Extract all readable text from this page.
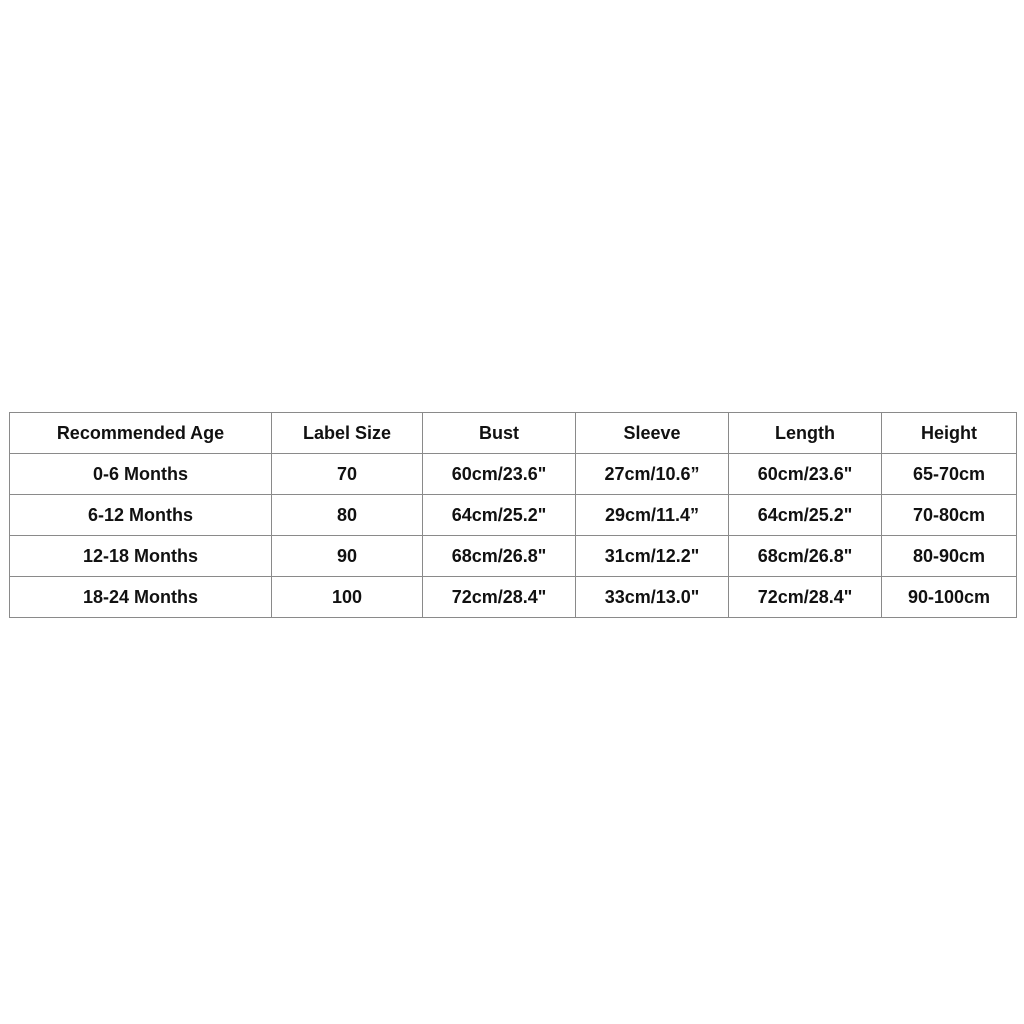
Recommended Age	Label Size	Bust	Sleeve	Length	Height
0-6 Months	70	60cm/23.6"	27cm/10.6”	60cm/23.6"	65-70cm
6-12 Months	80	64cm/25.2"	29cm/11.4”	64cm/25.2"	70-80cm
12-18 Months	90	68cm/26.8"	31cm/12.2"	68cm/26.8"	80-90cm
18-24 Months	100	72cm/28.4"	33cm/13.0"	72cm/28.4"	90-100cm
